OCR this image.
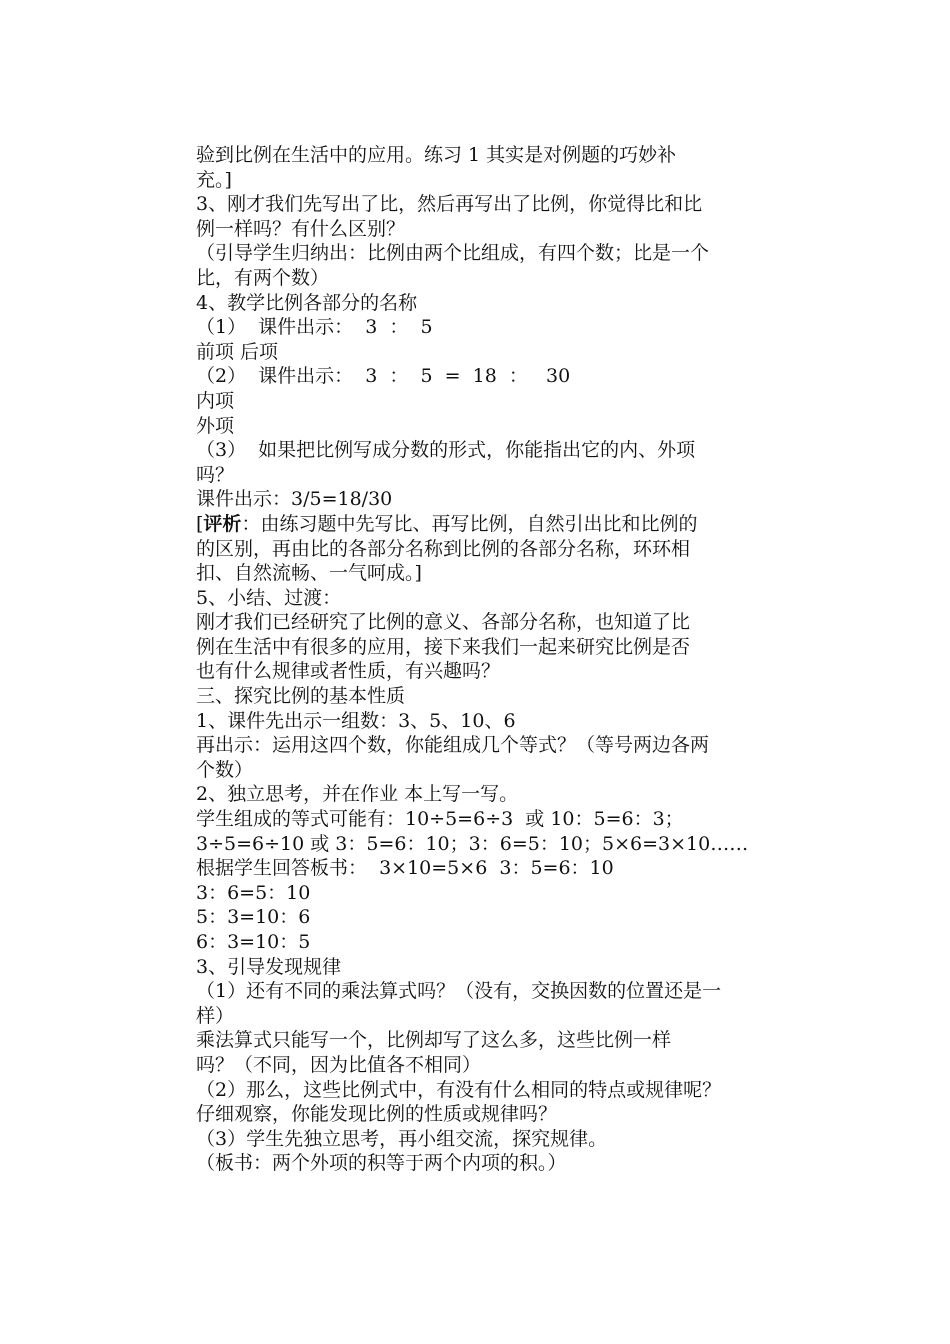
验到比例在生活中的应用。练习 1 其实是对例题的巧妙补

充。]

3、刚才我们先写出了比，然后再写出了比例，你觉得比和比

例一样吗？有什么区别？

（引导学生归纳出：比例由两个比组成，有四个数；比是一个

比，有两个数）

4、教学比例各部分的名称

（1）  课件出示：  3  ：  5

前项 后项

（2）  课件出示：  3  ：  5  =  18  ：   30

内项

外项

（3）  如果把比例写成分数的形式，你能指出它的内、外项

吗？

课件出示：3/5=18/30

[评析：由练习题中先写比、再写比例，自然引出比和比例的

的区别，再由比的各部分名称到比例的各部分名称，环环相

扣、自然流畅、一气呵成。]

5、小结、过渡：

刚才我们已经研究了比例的意义、各部分名称，也知道了比

例在生活中有很多的应用，接下来我们一起来研究比例是否

也有什么规律或者性质，有兴趣吗？

三、探究比例的基本性质

1、课件先出示一组数：3、5、10、6

再出示：运用这四个数，你能组成几个等式？（等号两边各两

个数）

2、独立思考，并在作业 本上写一写。

学生组成的等式可能有：10÷5=6÷3  或 10：5=6：3；

3÷5=6÷10 或 3：5=6：10；3：6=5：10；5×6=3×10……

根据学生回答板书：  3×10=5×6  3：5=6：10

3：6=5：10

5：3=10：6

6：3=10：5

3、引导发现规律

（1）还有不同的乘法算式吗？（没有，交换因数的位置还是一

样）

乘法算式只能写一个，比例却写了这么多，这些比例一样

吗？（不同，因为比值各不相同）

（2）那么，这些比例式中，有没有什么相同的特点或规律呢？

仔细观察，你能发现比例的性质或规律吗？

（3）学生先独立思考，再小组交流，探究规律。

（板书：两个外项的积等于两个内项的积。）
